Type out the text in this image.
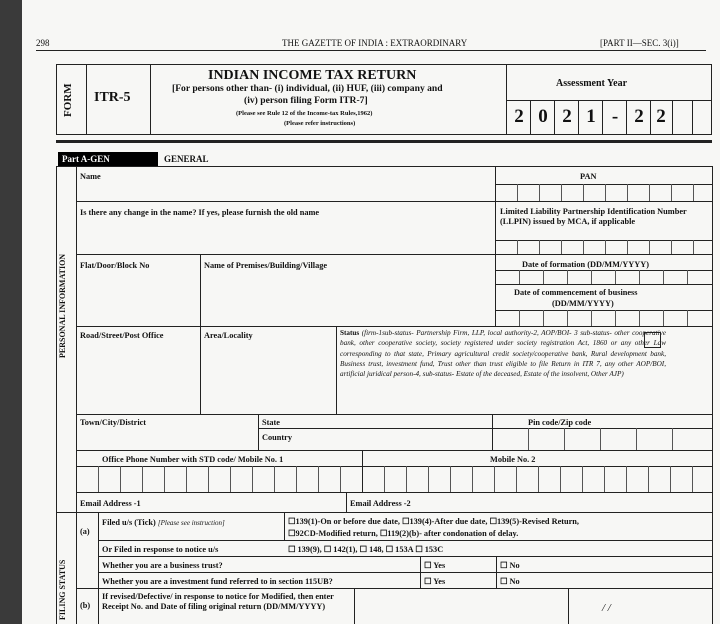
298	THE GAZETTE OF INDIA : EXTRAORDINARY	[PART II—SEC. 3(i)]
FORM ITR-5
INDIAN INCOME TAX RETURN
[For persons other than- (i) individual, (ii) HUF, (iii) company and
(iv) person filing Form ITR-7]
(Please see Rule 12 of the Income-tax Rules,1962)
(Please refer instructions)
Assessment Year
2 0 2 1 - 2 2
Part A-GEN	GENERAL
PERSONAL INFORMATION
FILING STATUS
Name	PAN
Is there any change in the name? If yes, please furnish the old name	Limited Liability Partnership Identification Number (LLPIN) issued by MCA, if applicable
Flat/Door/Block No	Name of Premises/Building/Village	Date of formation (DD/MM/YYYY)
Date of commencement of business
(DD/MM/YYYY)
Road/Street/Post Office	Area/Locality	Status (firm-1sub-status- Partnership Firm, LLP, local authority-2, AOP/BOI- 3 sub-status- other cooperative bank, other cooperative society, society registered under society registration Act, 1860 or any other Law corresponding to that state, Primary agricultural credit society/cooperative bank, Rural development bank, Business trust, investment fund, Trust other than trust eligible to file Return in ITR 7, any other AOP/BOI, artificial juridical person-4, sub-status- Estate of the deceased, Estate of the insolvent, Other AJP)
Town/City/District	State
Country
Pin code/Zip code
Office Phone Number with STD code/ Mobile No. 1	Mobile No. 2
Email Address -1	Email Address -2
(a)
Filed u/s (Tick) [Please see instruction]	☐139(1)-On or before due date, ☐139(4)-After due date, ☐139(5)-Revised Return,
☐92CD-Modified return, ☐119(2)(b)- after condonation of delay.
Or Filed in response to notice u/s	☐ 139(9), ☐ 142(1), ☐ 148, ☐ 153A ☐ 153C
Whether you are a business trust?	☐ Yes	☐ No
Whether you are a investment fund referred to in section 115UB?	☐ Yes	☐ No
(b)
If revised/Defective/ in response to notice for Modified, then enter Receipt No. and Date of filing original return (DD/MM/YYYY)	/ /
